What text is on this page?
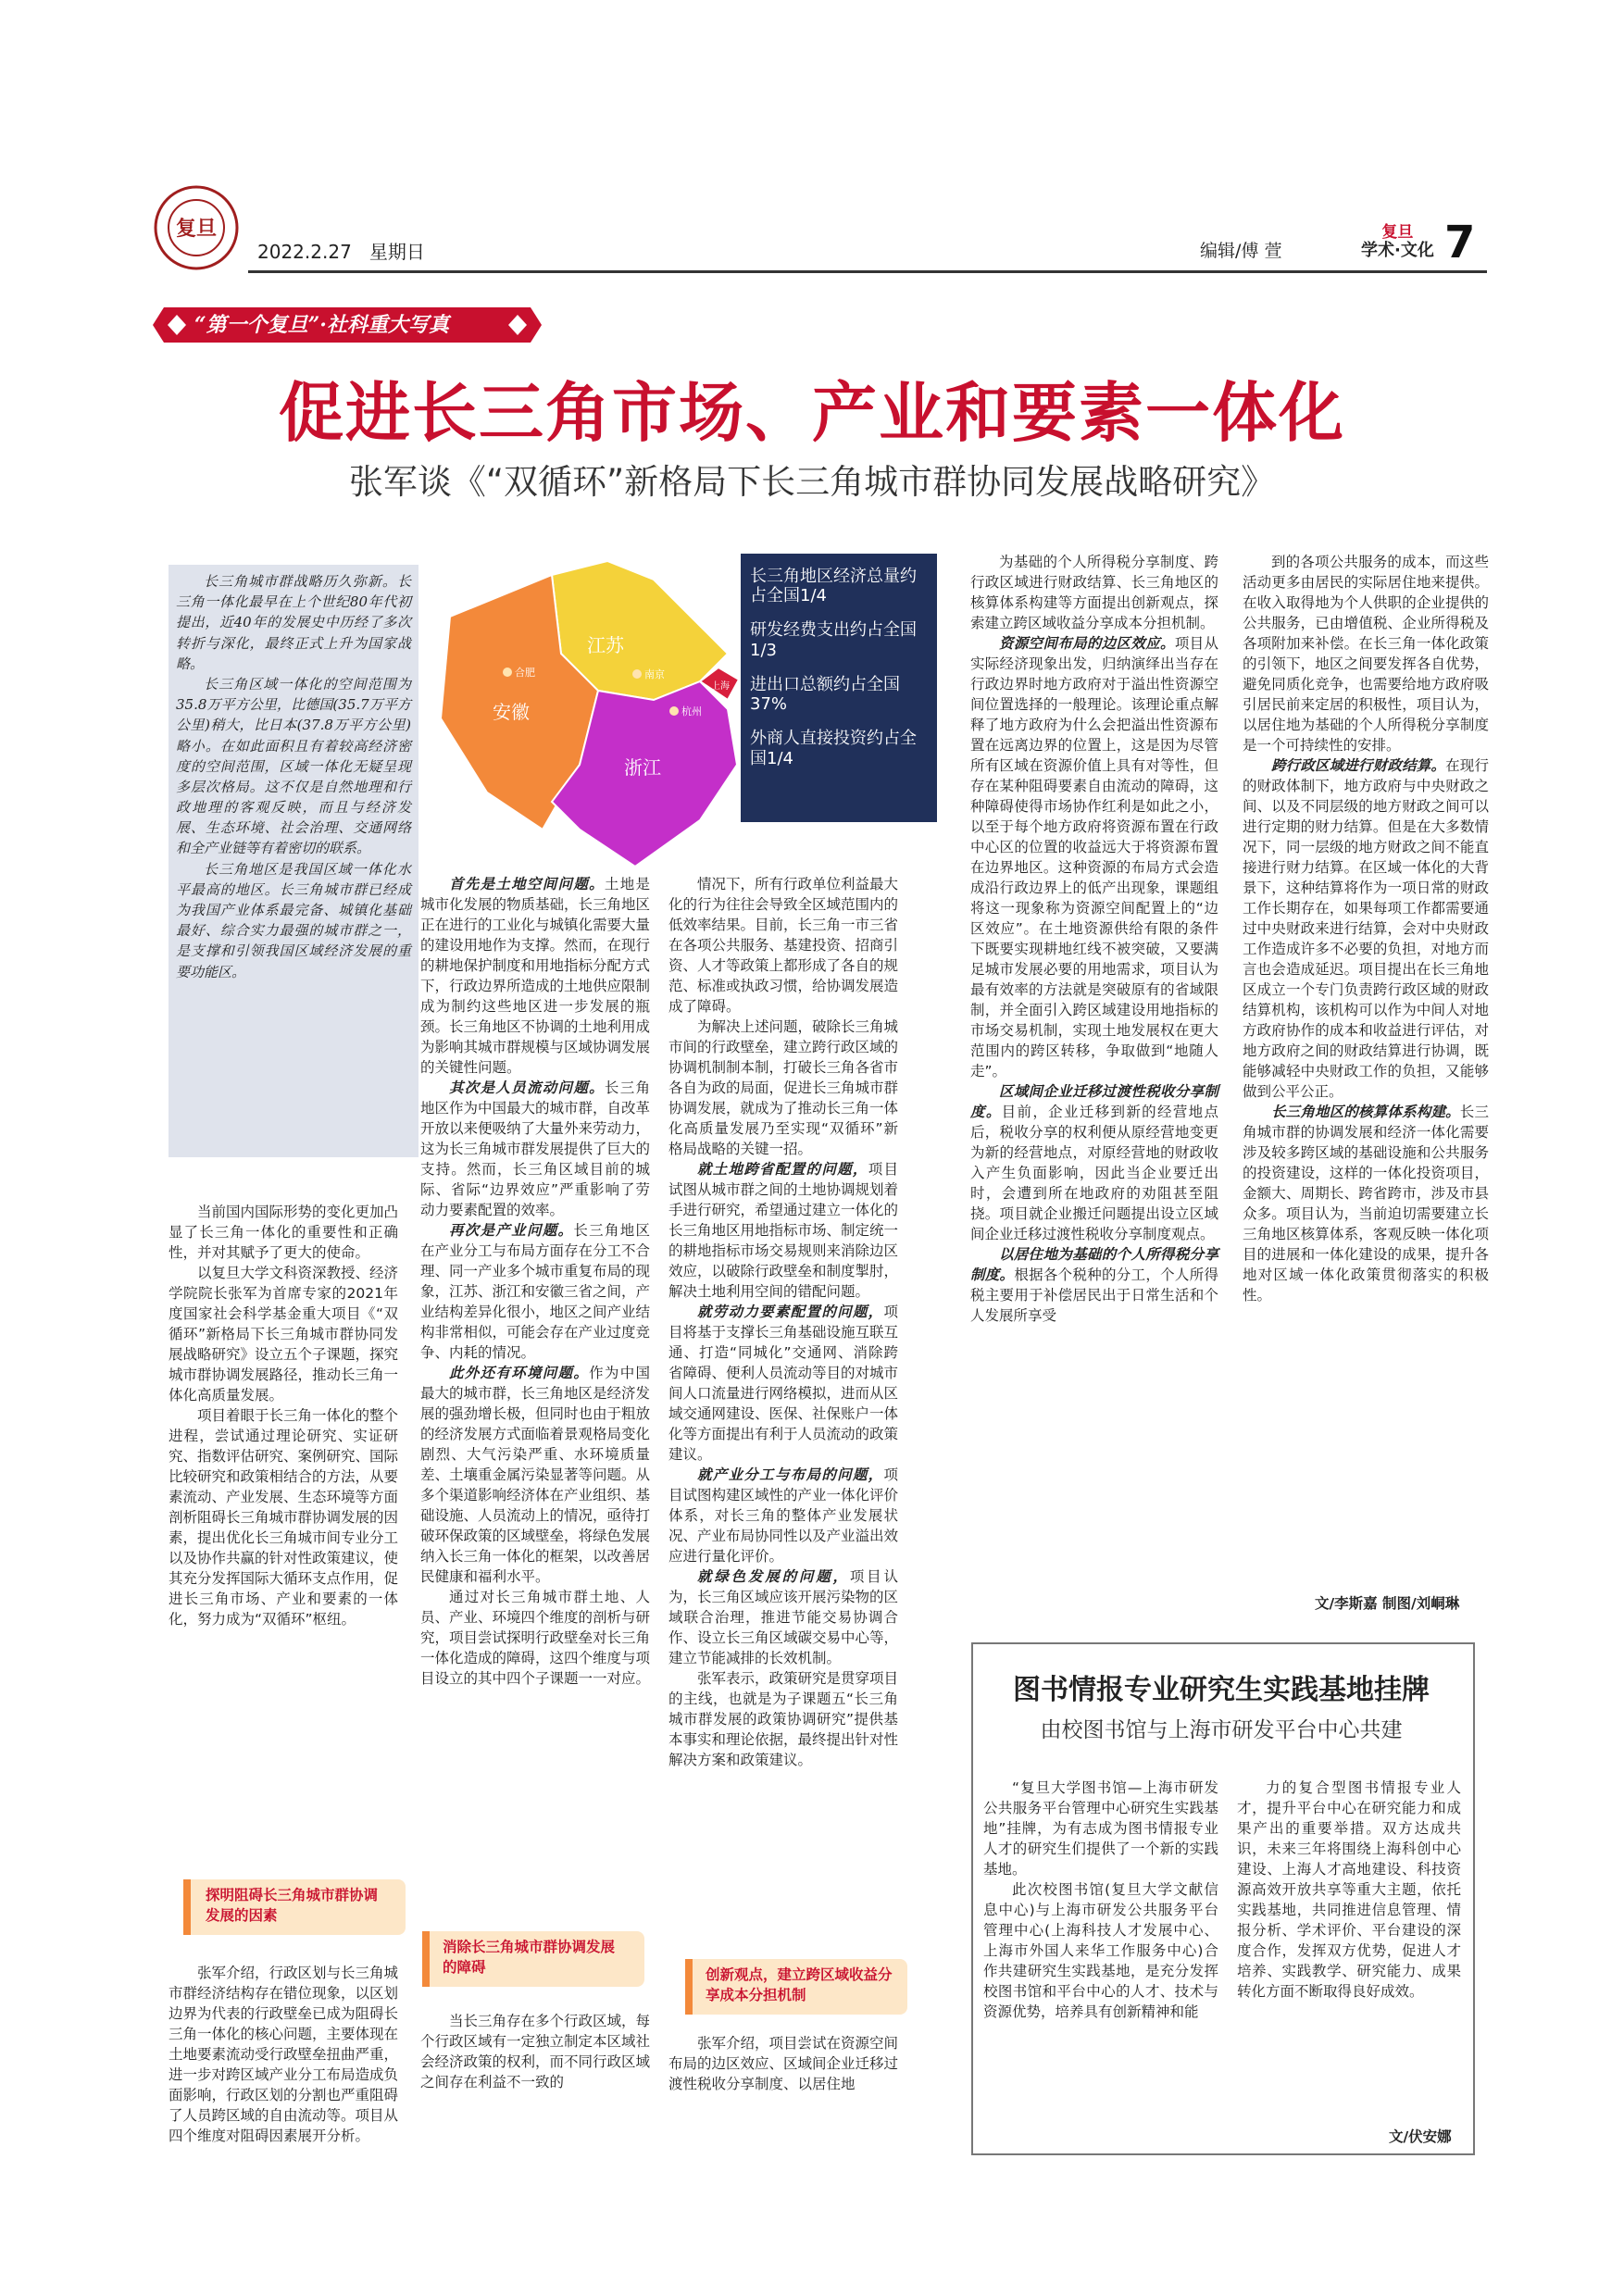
复旦
2022.2.27 星期日	编辑/傅 萱
复旦
学术·文化 7
“第一个复旦”·社科重大写真
促进长三角市场、产业和要素一体化
张军谈《“双循环”新格局下长三角城市群协同发展战略研究》

长三角城市群战略历久弥新。长三角一体化最早在上个世纪80年代初提出，近40年的发展史中历经了多次转折与深化，最终正式上升为国家战略。

长三角区域一体化的空间范围为35.8万平方公里，比德国(35.7万平方公里)稍大，比日本(37.8万平方公里)略小。在如此面积且有着较高经济密度的空间范围，区域一体化无疑呈现多层次格局。这不仅是自然地理和行政地理的客观反映，而且与经济发展、生态环境、社会治理、交通网络和全产业链等有着密切的联系。

长三角地区是我国区域一体化水平最高的地区。长三角城市群已经成为我国产业体系最完备、城镇化基础最好、综合实力最强的城市群之一，是支撑和引领我国区域经济发展的重要功能区。

江苏
安徽
浙江
上海
合肥	南京
杭州
长三角地区经济总量约占全国1/4
研发经费支出约占全国1/3
进出口总额约占全国37%
外商人直接投资约占全国1/4

当前国内国际形势的变化更加凸显了长三角一体化的重要性和正确性，并对其赋予了更大的使命。

以复旦大学文科资深教授、经济学院院长张军为首席专家的2021年度国家社会科学基金重大项目《“双循环”新格局下长三角城市群协同发展战略研究》设立五个子课题，探究城市群协调发展路径，推动长三角一体化高质量发展。

项目着眼于长三角一体化的整个进程，尝试通过理论研究、实证研究、指数评估研究、案例研究、国际比较研究和政策相结合的方法，从要素流动、产业发展、生态环境等方面剖析阻碍长三角城市群协调发展的因素，提出优化长三角城市间专业分工以及协作共赢的针对性政策建议，使其充分发挥国际大循环支点作用，促进长三角市场、产业和要素的一体化，努力成为“双循环”枢纽。

探明阻碍长三角城市群协调发展的因素

张军介绍，行政区划与长三角城市群经济结构存在错位现象，以区划边界为代表的行政壁垒已成为阻碍长三角一体化的核心问题，主要体现在土地要素流动受行政壁垒扭曲严重，进一步对跨区域产业分工布局造成负面影响，行政区划的分割也严重阻碍了人员跨区域的自由流动等。项目从四个维度对阻碍因素展开分析。

首先是土地空间问题。土地是城市化发展的物质基础，长三角地区正在进行的工业化与城镇化需要大量的建设用地作为支撑。然而，在现行的耕地保护制度和用地指标分配方式下，行政边界所造成的土地供应限制成为制约这些地区进一步发展的瓶颈。长三角地区不协调的土地利用成为影响其城市群规模与区域协调发展的关键性问题。

其次是人员流动问题。长三角地区作为中国最大的城市群，自改革开放以来便吸纳了大量外来劳动力，这为长三角城市群发展提供了巨大的支持。然而，长三角区域目前的城际、省际“边界效应”严重影响了劳动力要素配置的效率。

再次是产业问题。长三角地区在产业分工与布局方面存在分工不合理、同一产业多个城市重复布局的现象，江苏、浙江和安徽三省之间，产业结构差异化很小，地区之间产业结构非常相似，可能会存在产业过度竞争、内耗的情况。

此外还有环境问题。作为中国最大的城市群，长三角地区是经济发展的强劲增长极，但同时也由于粗放的经济发展方式面临着景观格局变化剧烈、大气污染严重、水环境质量差、土壤重金属污染显著等问题。从多个渠道影响经济体在产业组织、基础设施、人员流动上的情况，亟待打破环保政策的区域壁垒，将绿色发展纳入长三角一体化的框架，以改善居民健康和福利水平。

通过对长三角城市群土地、人员、产业、环境四个维度的剖析与研究，项目尝试探明行政壁垒对长三角一体化造成的障碍，这四个维度与项目设立的其中四个子课题一一对应。

消除长三角城市群协调发展的障碍

当长三角存在多个行政区域，每个行政区域有一定独立制定本区域社会经济政策的权利，而不同行政区域之间存在利益不一致的

情况下，所有行政单位利益最大化的行为往往会导致全区域范围内的低效率结果。目前，长三角一市三省在各项公共服务、基建投资、招商引资、人才等政策上都形成了各自的规范、标准或执政习惯，给协调发展造成了障碍。

为解决上述问题，破除长三角城市间的行政壁垒，建立跨行政区域的协调机制制本制，打破长三角各省市各自为政的局面，促进长三角城市群协调发展，就成为了推动长三角一体化高质量发展乃至实现“双循环”新格局战略的关键一招。

就土地跨省配置的问题，项目试图从城市群之间的土地协调规划着手进行研究，希望通过建立一体化的长三角地区用地指标市场、制定统一的耕地指标市场交易规则来消除边区效应，以破除行政壁垒和制度掣肘，解决土地利用空间的错配问题。

就劳动力要素配置的问题，项目将基于支撑长三角基础设施互联互通、打造“同城化”交通网、消除跨省障碍、便利人员流动等目的对城市间人口流量进行网络模拟，进而从区域交通网建设、医保、社保账户一体化等方面提出有利于人员流动的政策建议。

就产业分工与布局的问题，项目试图构建区域性的产业一体化评价体系，对长三角的整体产业发展状况、产业布局协同性以及产业溢出效应进行量化评价。

就绿色发展的问题，项目认为，长三角区域应该开展污染物的区域联合治理，推进节能交易协调合作、设立长三角区域碳交易中心等，建立节能减排的长效机制。

张军表示，政策研究是贯穿项目的主线，也就是为子课题五“长三角城市群发展的政策协调研究”提供基本事实和理论依据，最终提出针对性解决方案和政策建议。

创新观点，建立跨区域收益分享成本分担机制

张军介绍，项目尝试在资源空间布局的边区效应、区域间企业迁移过渡性税收分享制度、以居住地

为基础的个人所得税分享制度、跨行政区域进行财政结算、长三角地区的核算体系构建等方面提出创新观点，探索建立跨区域收益分享成本分担机制。

资源空间布局的边区效应。项目从实际经济现象出发，归纳演绎出当存在行政边界时地方政府对于溢出性资源空间位置选择的一般理论。该理论重点解释了地方政府为什么会把溢出性资源布置在远离边界的位置上，这是因为尽管所有区域在资源价值上具有对等性，但存在某种阻碍要素自由流动的障碍，这种障碍使得市场协作红利是如此之小，以至于每个地方政府将资源布置在行政中心区的位置的收益远大于将资源布置在边界地区。这种资源的布局方式会造成沿行政边界上的低产出现象，课题组将这一现象称为资源空间配置上的“边区效应”。在土地资源供给有限的条件下既要实现耕地红线不被突破，又要满足城市发展必要的用地需求，项目认为最有效率的方法就是突破原有的省域限制，并全面引入跨区域建设用地指标的市场交易机制，实现土地发展权在更大范围内的跨区转移，争取做到“地随人走”。

区域间企业迁移过渡性税收分享制度。目前，企业迁移到新的经营地点后，税收分享的权利便从原经营地变更为新的经营地点，对原经营地的财政收入产生负面影响，因此当企业要迁出时，会遭到所在地政府的劝阻甚至阻挠。项目就企业搬迁问题提出设立区域间企业迁移过渡性税收分享制度观点。

以居住地为基础的个人所得税分享制度。根据各个税种的分工，个人所得税主要用于补偿居民出于日常生活和个人发展所享受

到的各项公共服务的成本，而这些活动更多由居民的实际居住地来提供。在收入取得地为个人供职的企业提供的公共服务，已由增值税、企业所得税及各项附加来补偿。在长三角一体化政策的引领下，地区之间要发挥各自优势，避免同质化竞争，也需要给地方政府吸引居民前来定居的积极性，项目认为，以居住地为基础的个人所得税分享制度是一个可持续性的安排。

跨行政区域进行财政结算。在现行的财政体制下，地方政府与中央财政之间、以及不同层级的地方财政之间可以进行定期的财力结算。但是在大多数情况下，同一层级的地方财政之间不能直接进行财力结算。在区域一体化的大背景下，这种结算将作为一项日常的财政工作长期存在，如果每项工作都需要通过中央财政来进行结算，会对中央财政工作造成许多不必要的负担，对地方而言也会造成延迟。项目提出在长三角地区成立一个专门负责跨行政区域的财政结算机构，该机构可以作为中间人对地方政府协作的成本和收益进行评估，对地方政府之间的财政结算进行协调，既能够减轻中央财政工作的负担，又能够做到公平公正。

长三角地区的核算体系构建。长三角城市群的协调发展和经济一体化需要涉及较多跨区域的基础设施和公共服务的投资建设，这样的一体化投资项目，金额大、周期长、跨省跨市，涉及市县众多。项目认为，当前迫切需要建立长三角地区核算体系，客观反映一体化项目的进展和一体化建设的成果，提升各地对区域一体化政策贯彻落实的积极性。

文/李斯嘉 制图/刘峒琳
图书情报专业研究生实践基地挂牌
由校图书馆与上海市研发平台中心共建

“复旦大学图书馆—上海市研发公共服务平台管理中心研究生实践基地”挂牌，为有志成为图书情报专业人才的研究生们提供了一个新的实践基地。

此次校图书馆(复旦大学文献信息中心)与上海市研发公共服务平台管理中心(上海科技人才发展中心、上海市外国人来华工作服务中心)合作共建研究生实践基地，是充分发挥校图书馆和平台中心的人才、技术与资源优势，培养具有创新精神和能

力的复合型图书情报专业人才，提升平台中心在研究能力和成果产出的重要举措。双方达成共识，未来三年将围绕上海科创中心建设、上海人才高地建设、科技资源高效开放共享等重大主题，依托实践基地，共同推进信息管理、情报分析、学术评价、平台建设的深度合作，发挥双方优势，促进人才培养、实践教学、研究能力、成果转化方面不断取得良好成效。

文/伏安娜
